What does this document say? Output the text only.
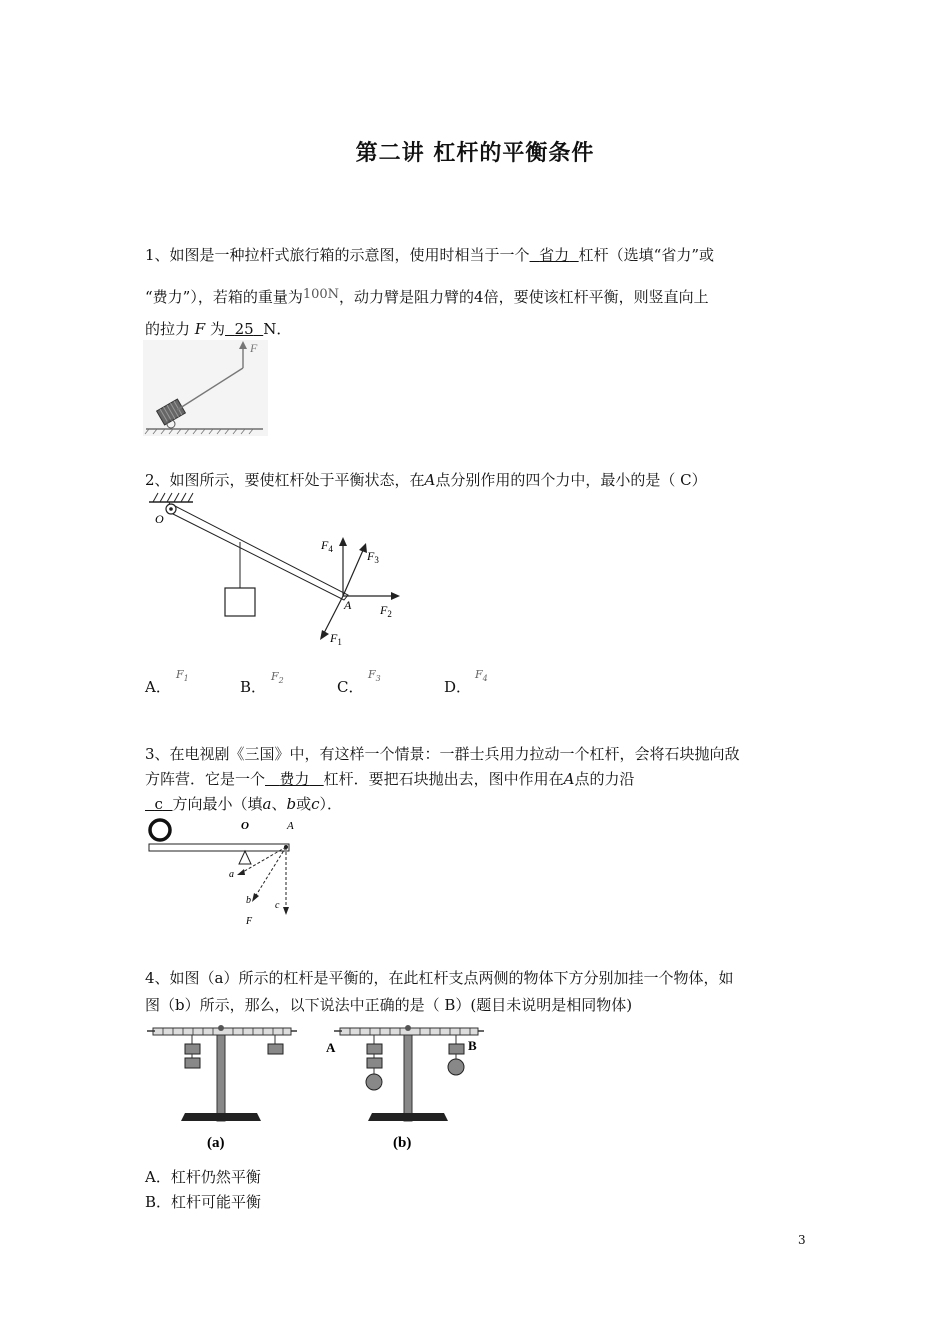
第二讲 杠杆的平衡条件
1、如图是一种拉杆式旅行箱的示意图，使用时相当于一个 省力 杠杆（选填“省力”或
“费力”），若箱的重量为100N，动力臂是阻力臂的4倍，要使该杠杆平衡，则竖直向上
的拉力 F 为 25 N．
F
2、如图所示，要使杠杆处于平衡状态，在A点分别作用的四个力中，最小的是（ C）
O
$F_4$	$F_3$
$F_2$
$F_1$
A
A．
$F_1$	B．
$F_2$	C．
$F_3$	D．
$F_4$
3、在电视剧《三国》中，有这样一个情景：一群士兵用力拉动一个杠杆，会将石块抛向敌
方阵营．它是一个 费力 杠杆．要把石块抛出去，图中作用在A点的力沿
c 方向最小（填a、b或c）．
O	A
a
b c
F
4、如图（a）所示的杠杆是平衡的，在此杠杆支点两侧的物体下方分别加挂一个物体，如
图（b）所示，那么，以下说法中正确的是（ B）(题目未说明是相同物体)
(a)
A	B
(b)
A．杠杆仍然平衡
B．杠杆可能平衡
3
